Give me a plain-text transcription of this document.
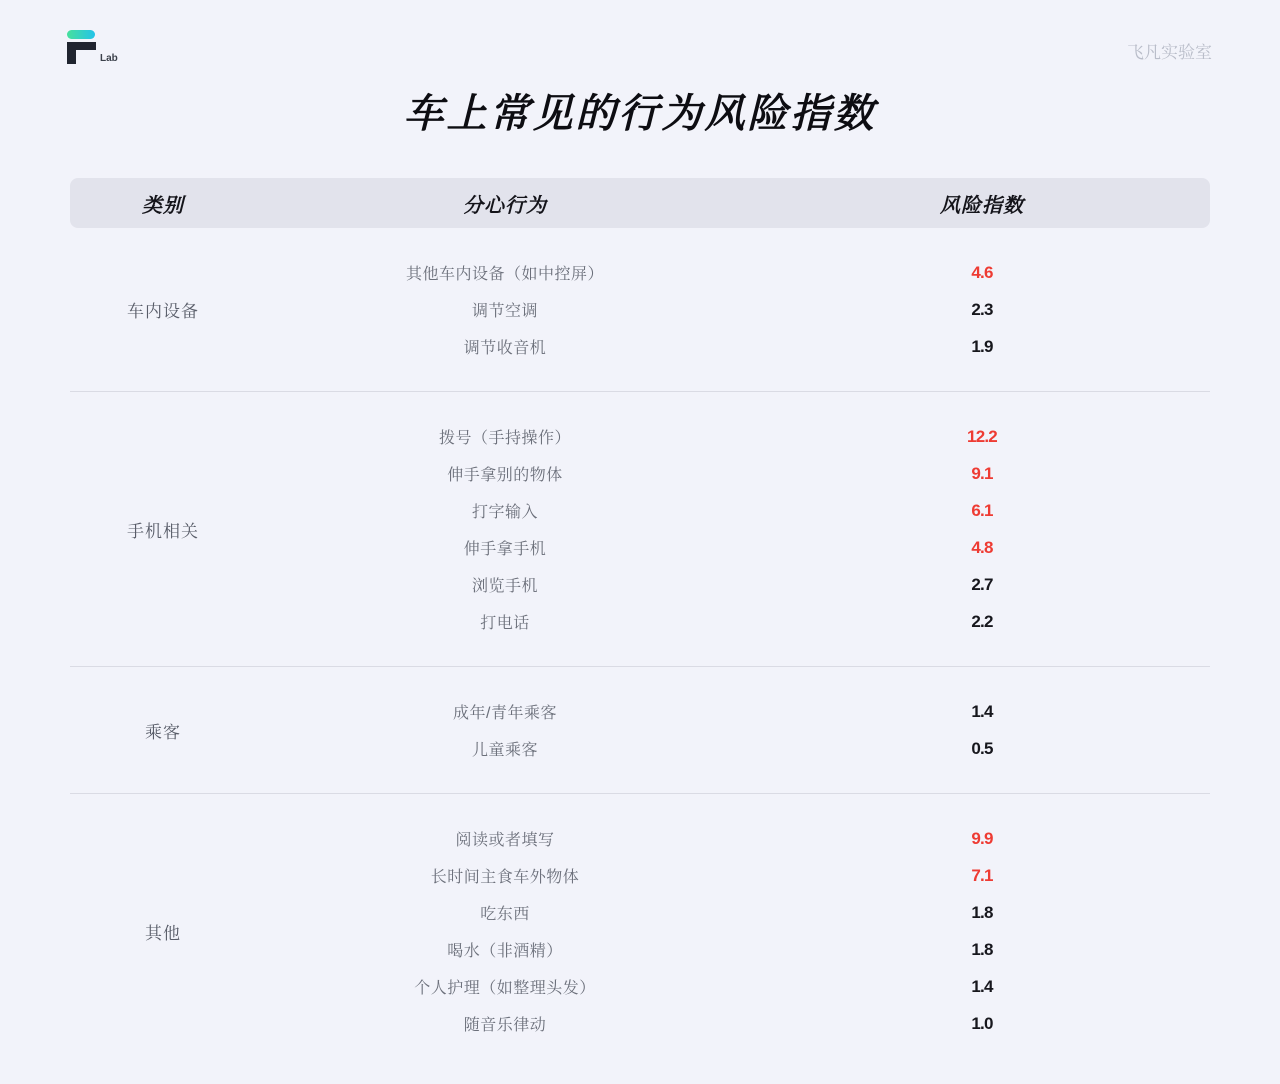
Lab	飞凡实验室
车上常见的行为风险指数
类别	分心行为	风险指数
车内设备
其他车内设备（如中控屏）	4.6
调节空调	2.3
调节收音机	1.9
手机相关
拨号（手持操作）	12.2
伸手拿别的物体	9.1
打字输入	6.1
伸手拿手机	4.8
浏览手机	2.7
打电话	2.2
乘客
成年/青年乘客	1.4
儿童乘客	0.5
其他
阅读或者填写	9.9
长时间主食车外物体	7.1
吃东西	1.8
喝水（非酒精）	1.8
个人护理（如整理头发）	1.4
随音乐律动	1.0
